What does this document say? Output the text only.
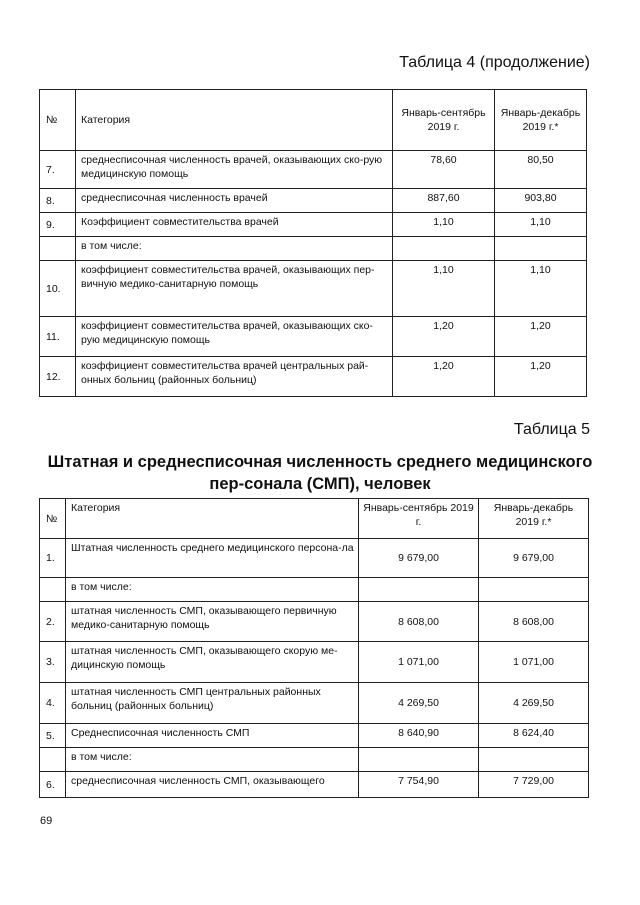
Таблица 4 (продолжение)
№	Категория	Январь-сентябрь 2019 г.	Январь-декабрь 2019 г.*
7.	среднесписочная численность врачей, оказывающих ско-рую медицинскую помощь	78,60	80,50
8.	среднесписочная численность врачей	887,60	903,80
9.	Коэффициент совместительства врачей	1,10	1,10
	в том числе:		
10.	коэффициент совместительства врачей, оказывающих пер-вичную медико-санитарную помощь	1,10	1,10
11.	коэффициент совместительства врачей, оказывающих ско-рую медицинскую помощь	1,20	1,20
12.	коэффициент совместительства врачей центральных рай-онных больниц (районных больниц)	1,20	1,20
Таблица 5
Штатная и среднесписочная численность среднего медицинского пер-сонала (СМП), человек
№	Категория	Январь-сентябрь 2019 г.	Январь-декабрь 2019 г.*
1.	Штатная численность среднего медицинского персона-ла	9 679,00	9 679,00
	в том числе:		
2.	штатная численность СМП, оказывающего первичную медико-санитарную помощь	8 608,00	8 608,00
3.	штатная численность СМП, оказывающего скорую ме-дицинскую помощь	1 071,00	1 071,00
4.	штатная численность СМП центральных районных больниц (районных больниц)	4 269,50	4 269,50
5.	Среднесписочная численность СМП	8 640,90	8 624,40
	в том числе:		
6.	среднесписочная численность СМП, оказывающего	7 754,90	7 729,00
69
